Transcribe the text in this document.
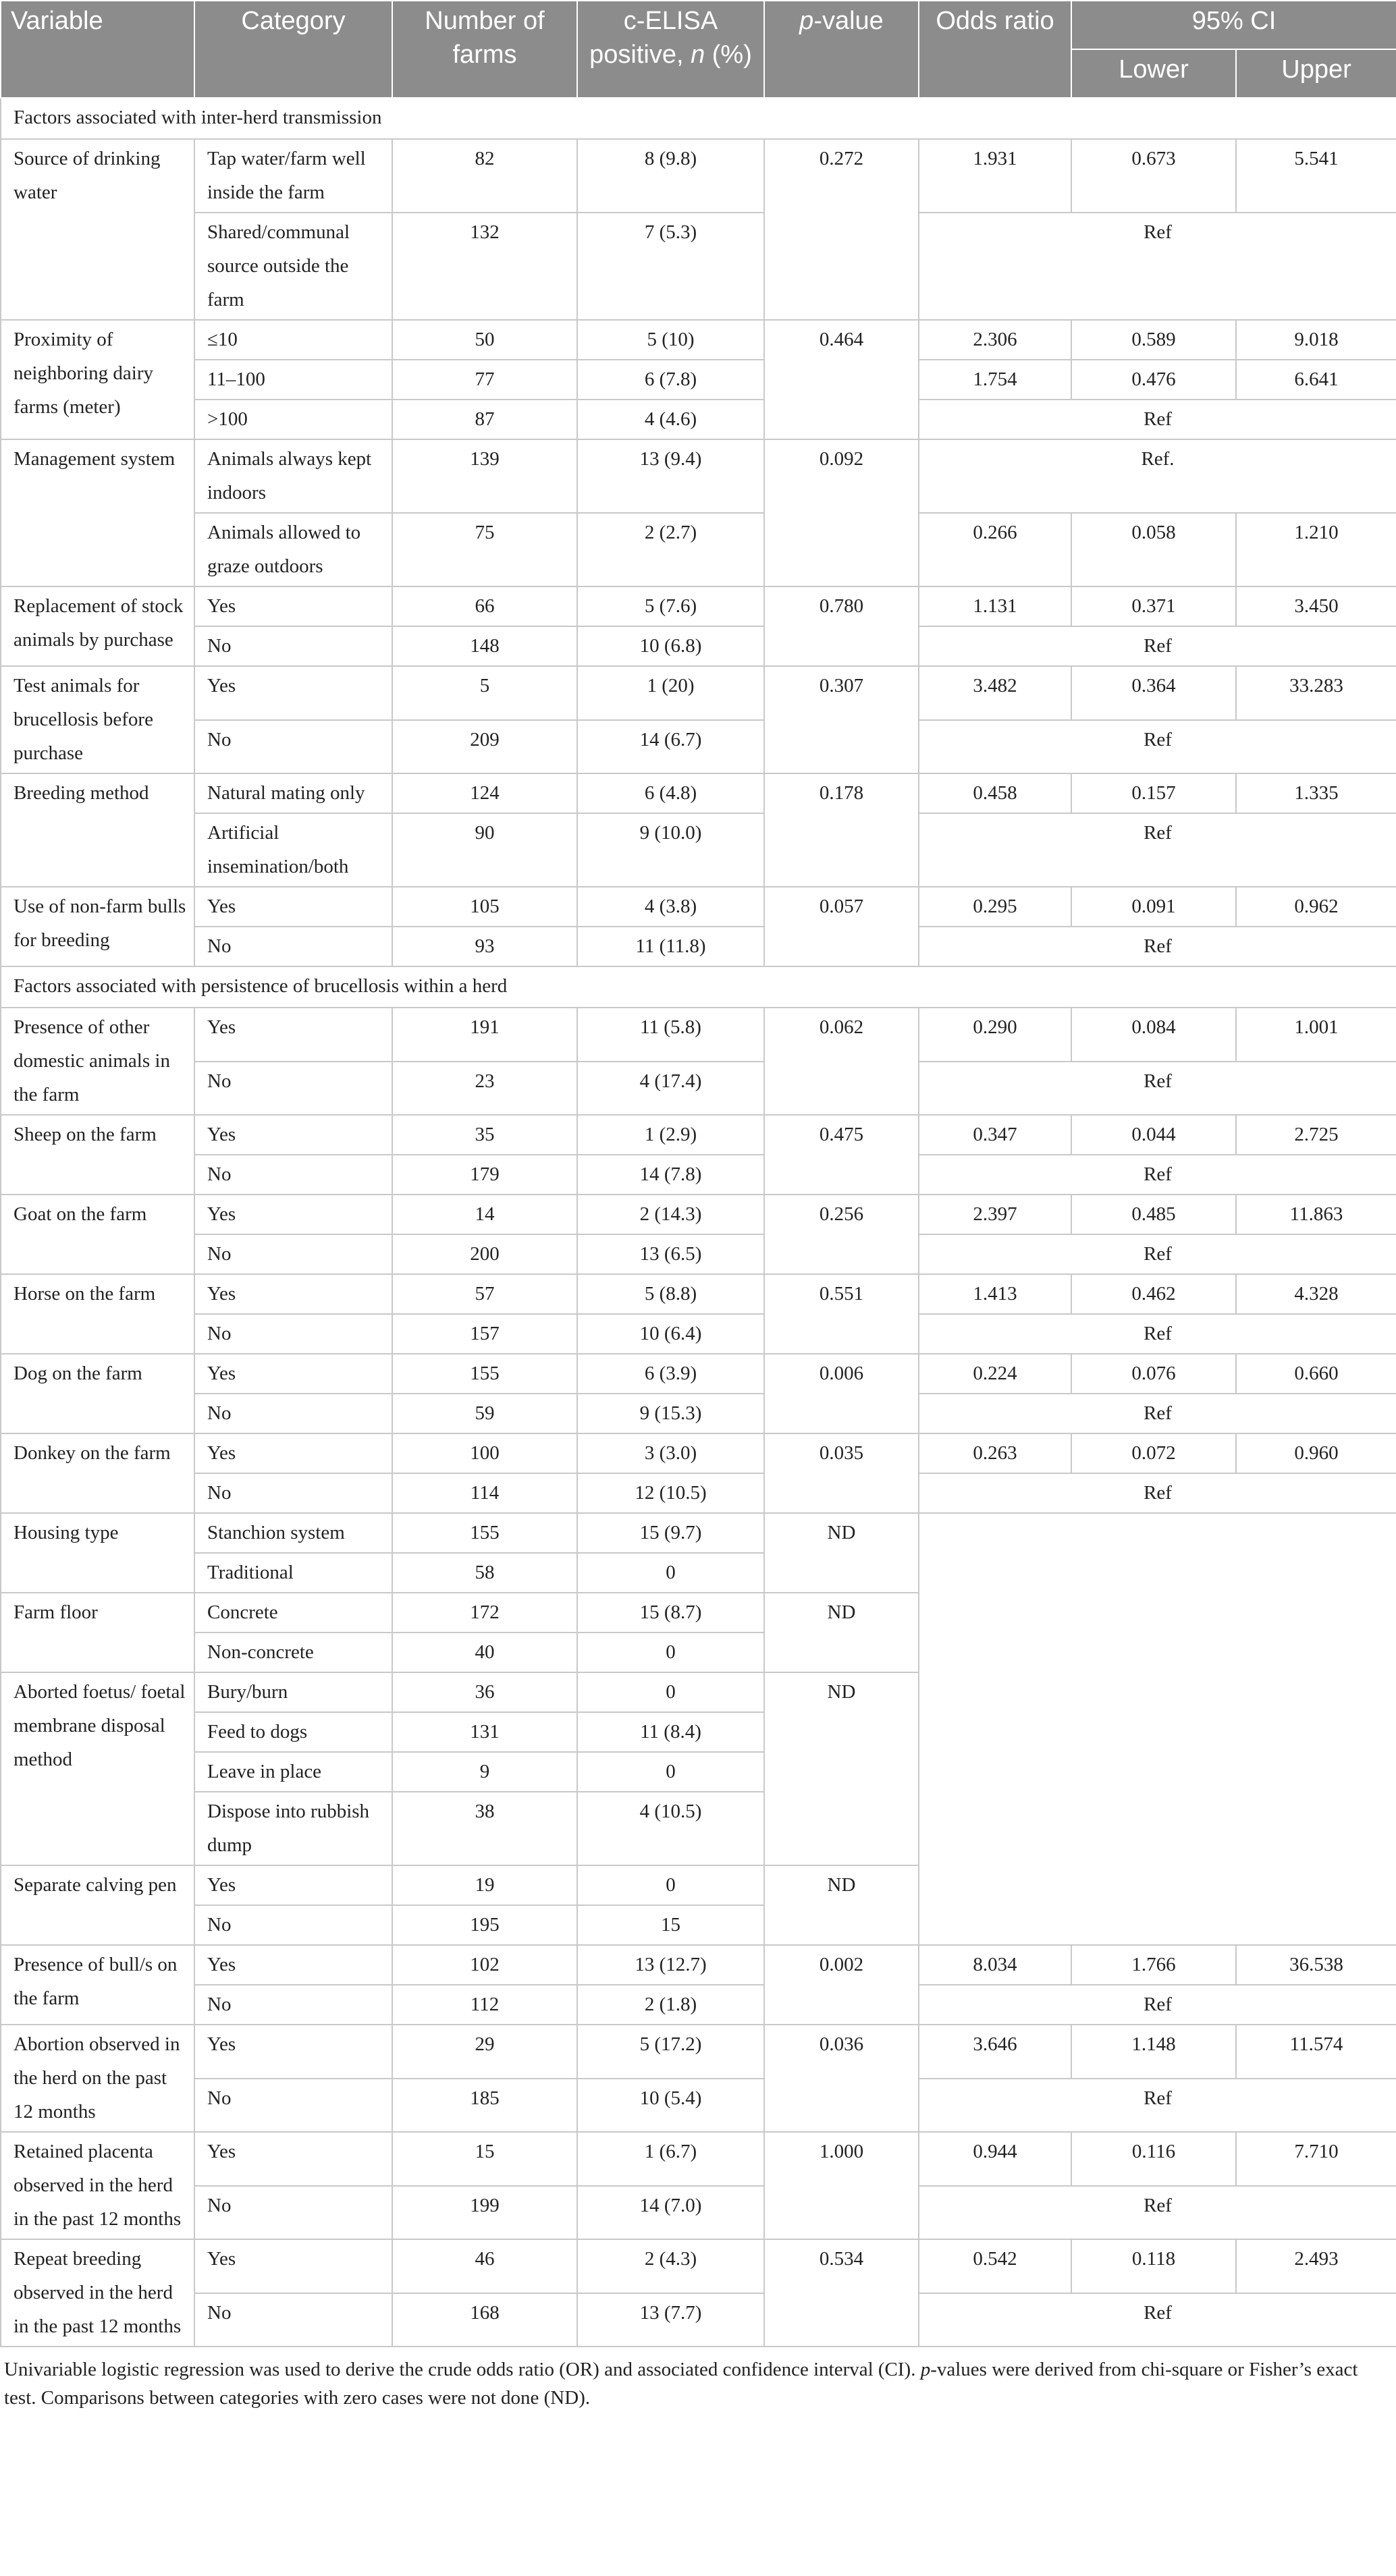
Variable	Category	Number of farms	c-ELISA positive, n (%)	p-value	Odds ratio	95% CI	
						Lower	Upper
Factors associated with inter-herd transmission							
Source of drinking water	Tap water/farm well inside the farm	82	8 (9.8)	0.272	1.931	0.673	5.541
	Shared/communal source outside the farm	132	7 (5.3)		Ref		
Proximity of neighboring dairy farms (meter)	≤10	50	5 (10)	0.464	2.306	0.589	9.018
	11–100	77	6 (7.8)		1.754	0.476	6.641
	>100	87	4 (4.6)		Ref		
Management system	Animals always kept indoors	139	13 (9.4)	0.092	Ref.		
	Animals allowed to graze outdoors	75	2 (2.7)		0.266	0.058	1.210
Replacement of stock animals by purchase	Yes	66	5 (7.6)	0.780	1.131	0.371	3.450
	No	148	10 (6.8)		Ref		
Test animals for brucellosis before purchase	Yes	5	1 (20)	0.307	3.482	0.364	33.283
	No	209	14 (6.7)		Ref		
Breeding method	Natural mating only	124	6 (4.8)	0.178	0.458	0.157	1.335
	Artificial insemination/both	90	9 (10.0)		Ref		
Use of non-farm bulls for breeding	Yes	105	4 (3.8)	0.057	0.295	0.091	0.962
	No	93	11 (11.8)		Ref		
Factors associated with persistence of brucellosis within a herd							
Presence of other domestic animals in the farm	Yes	191	11 (5.8)	0.062	0.290	0.084	1.001
	No	23	4 (17.4)		Ref		
Sheep on the farm	Yes	35	1 (2.9)	0.475	0.347	0.044	2.725
	No	179	14 (7.8)		Ref		
Goat on the farm	Yes	14	2 (14.3)	0.256	2.397	0.485	11.863
	No	200	13 (6.5)		Ref		
Horse on the farm	Yes	57	5 (8.8)	0.551	1.413	0.462	4.328
	No	157	10 (6.4)		Ref		
Dog on the farm	Yes	155	6 (3.9)	0.006	0.224	0.076	0.660
	No	59	9 (15.3)		Ref		
Donkey on the farm	Yes	100	3 (3.0)	0.035	0.263	0.072	0.960
	No	114	12 (10.5)		Ref		
Housing type	Stanchion system	155	15 (9.7)	ND			
	Traditional	58	0				
Farm floor	Concrete	172	15 (8.7)	ND			
	Non-concrete	40	0				
Aborted foetus/ foetal membrane disposal method	Bury/burn	36	0	ND			
	Feed to dogs	131	11 (8.4)				
	Leave in place	9	0				
	Dispose into rubbish dump	38	4 (10.5)				
Separate calving pen	Yes	19	0	ND			
	No	195	15				
Presence of bull/s on the farm	Yes	102	13 (12.7)	0.002	8.034	1.766	36.538
	No	112	2 (1.8)		Ref		
Abortion observed in the herd on the past 12 months	Yes	29	5 (17.2)	0.036	3.646	1.148	11.574
	No	185	10 (5.4)		Ref		
Retained placenta observed in the herd in the past 12 months	Yes	15	1 (6.7)	1.000	0.944	0.116	7.710
	No	199	14 (7.0)		Ref		
Repeat breeding observed in the herd in the past 12 months	Yes	46	2 (4.3)	0.534	0.542	0.118	2.493
	No	168	13 (7.7)		Ref		
Univariable logistic regression was used to derive the crude odds ratio (OR) and associated confidence interval (CI). p-values were derived from chi-square or Fisher’s exact test. Comparisons between categories with zero cases were not done (ND).
